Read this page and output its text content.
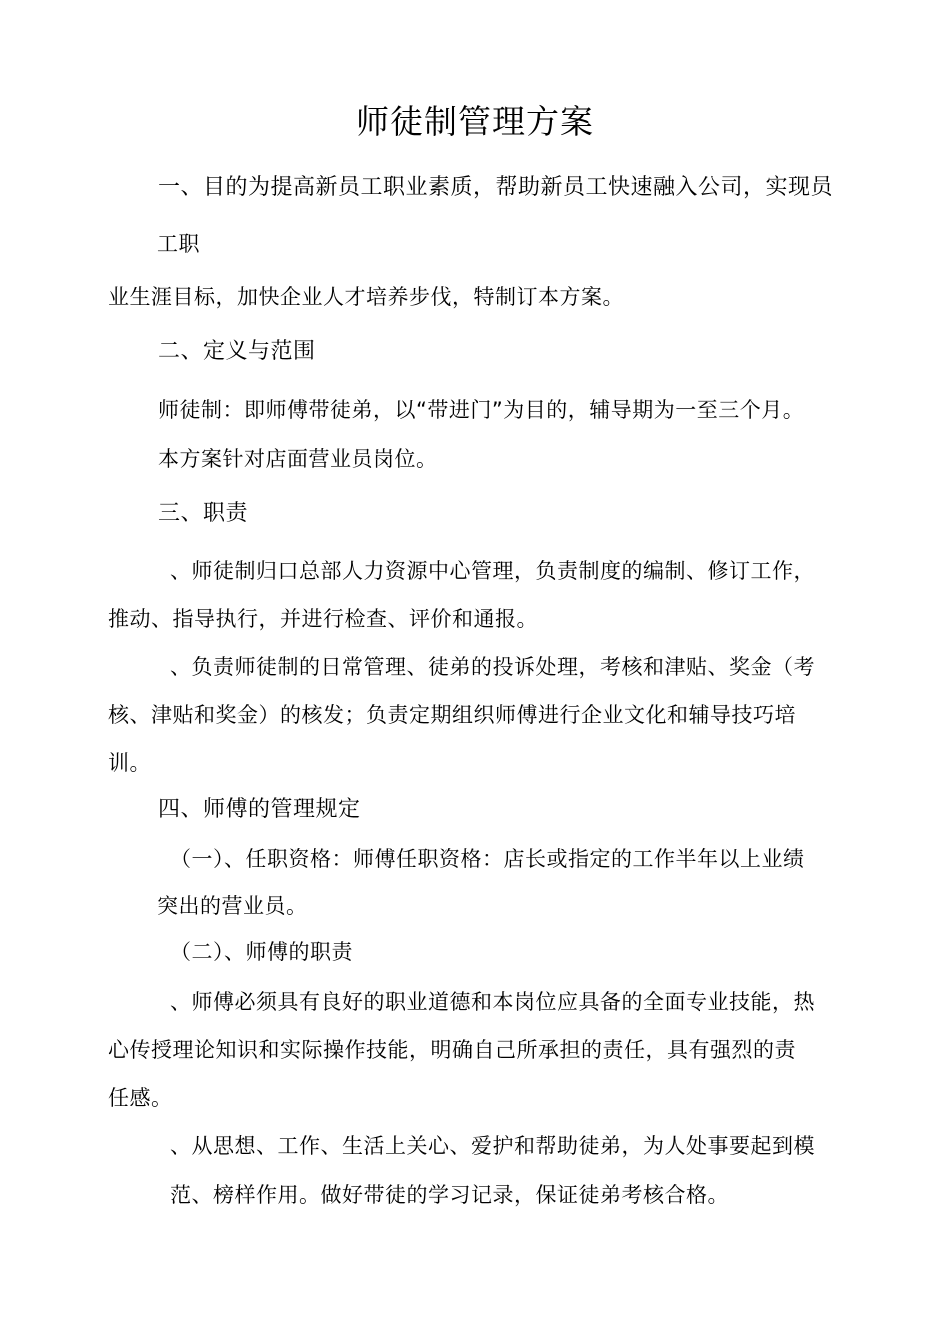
师徒制管理方案
一、目的为提高新员工职业素质，帮助新员工快速融入公司，实现员
工职
业生涯目标，加快企业人才培养步伐，特制订本方案。
二、定义与范围
师徒制：即师傅带徒弟，以“带进门”为目的，辅导期为一至三个月。
本方案针对店面营业员岗位。
三、职责
、师徒制归口总部人力资源中心管理，负责制度的编制、修订工作，
推动、指导执行，并进行检查、评价和通报。
、负责师徒制的日常管理、徒弟的投诉处理，考核和津贴、奖金（考
核、津贴和奖金）的核发；负责定期组织师傅进行企业文化和辅导技巧培
训。
四、师傅的管理规定
（一）、任职资格：师傅任职资格：店长或指定的工作半年以上业绩
突出的营业员。
（二）、师傅的职责
、师傅必须具有良好的职业道德和本岗位应具备的全面专业技能，热
心传授理论知识和实际操作技能，明确自己所承担的责任，具有强烈的责
任感。
、从思想、工作、生活上关心、爱护和帮助徒弟，为人处事要起到模
范、榜样作用。做好带徒的学习记录，保证徒弟考核合格。
